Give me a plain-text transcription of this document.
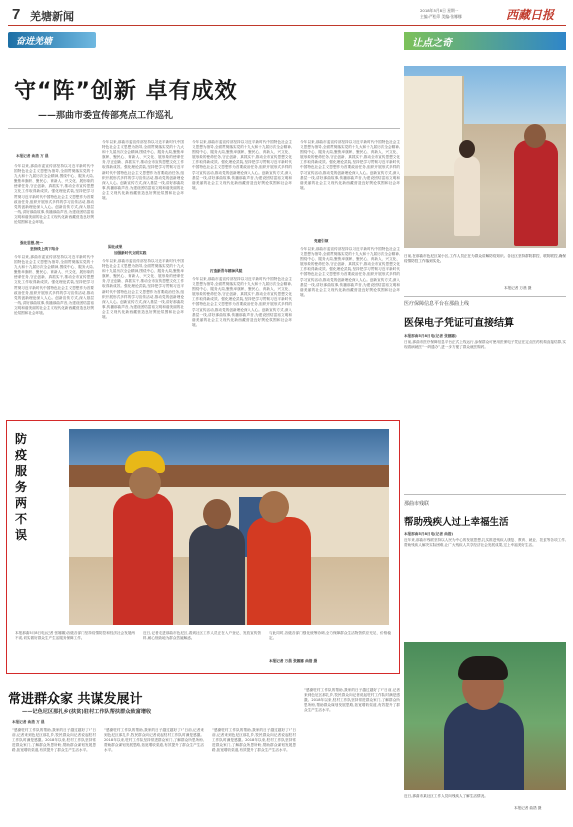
7 羌塘新闻
2018年5月8日 星期一
主编:严松印 美编:张娜娜	西藏日报
奋进羌塘
守“阵”创新 卓有成效
——那曲市委宣传部亮点工作巡礼
本报记者 曲措 万 晨
今年以来,那曲市委宣传部坚持以习近平新时代中国特色社会主义思想为指导,全面贯彻落实党的十九大和十九届历次全会精神,围绕中心、服务大局,聚焦举旗帜、聚民心、育新人、兴文化、展形象的使命任务,守正创新、真抓实干,推动全市宣传思想文化工作取得新成效。强化理论武装,坚持把学习贯彻习近平新时代中国特色社会主义思想作为首要政治任务,组织开展形式多样的学习宣传活动,推动党的创新理论深入人心。创新宣传方式,深入基层一线,讲好那曲故事,传播那曲声音,为建设团结富裕文明和谐美丽的社会主义现代化新西藏营造良好舆论氛围和社会环境。
强化思想,统一
坚持线上线下结合
今年以来,那曲市委宣传部坚持以习近平新时代中国特色社会主义思想为指导,全面贯彻落实党的十九大和十九届历次全会精神,围绕中心、服务大局,聚焦举旗帜、聚民心、育新人、兴文化、展形象的使命任务,守正创新、真抓实干,推动全市宣传思想文化工作取得新成效。强化理论武装,坚持把学习贯彻习近平新时代中国特色社会主义思想作为首要政治任务,组织开展形式多样的学习宣传活动,推动党的创新理论深入人心。创新宣传方式,深入基层一线,讲好那曲故事,传播那曲声音,为建设团结富裕文明和谐美丽的社会主义现代化新西藏营造良好舆论氛围和社会环境。
今年以来,那曲市委宣传部坚持以习近平新时代中国特色社会主义思想为指导,全面贯彻落实党的十九大和十九届历次全会精神,围绕中心、服务大局,聚焦举旗帜、聚民心、育新人、兴文化、展形象的使命任务,守正创新、真抓实干,推动全市宣传思想文化工作取得新成效。强化理论武装,坚持把学习贯彻习近平新时代中国特色社会主义思想作为首要政治任务,组织开展形式多样的学习宣传活动,推动党的创新理论深入人心。创新宣传方式,深入基层一线,讲好那曲故事,传播那曲声音,为建设团结富裕文明和谐美丽的社会主义现代化新西藏营造良好舆论氛围和社会环境。
固化成果
加强新时代文明实践
今年以来,那曲市委宣传部坚持以习近平新时代中国特色社会主义思想为指导,全面贯彻落实党的十九大和十九届历次全会精神,围绕中心、服务大局,聚焦举旗帜、聚民心、育新人、兴文化、展形象的使命任务,守正创新、真抓实干,推动全市宣传思想文化工作取得新成效。强化理论武装,坚持把学习贯彻习近平新时代中国特色社会主义思想作为首要政治任务,组织开展形式多样的学习宣传活动,推动党的创新理论深入人心。创新宣传方式,深入基层一线,讲好那曲故事,传播那曲声音,为建设团结富裕文明和谐美丽的社会主义现代化新西藏营造良好舆论氛围和社会环境。
今年以来,那曲市委宣传部坚持以习近平新时代中国特色社会主义思想为指导,全面贯彻落实党的十九大和十九届历次全会精神,围绕中心、服务大局,聚焦举旗帜、聚民心、育新人、兴文化、展形象的使命任务,守正创新、真抓实干,推动全市宣传思想文化工作取得新成效。强化理论武装,坚持把学习贯彻习近平新时代中国特色社会主义思想作为首要政治任务,组织开展形式多样的学习宣传活动,推动党的创新理论深入人心。创新宣传方式,深入基层一线,讲好那曲故事,传播那曲声音,为建设团结富裕文明和谐美丽的社会主义现代化新西藏营造良好舆论氛围和社会环境。
打造新青年精神风貌
今年以来,那曲市委宣传部坚持以习近平新时代中国特色社会主义思想为指导,全面贯彻落实党的十九大和十九届历次全会精神,围绕中心、服务大局,聚焦举旗帜、聚民心、育新人、兴文化、展形象的使命任务,守正创新、真抓实干,推动全市宣传思想文化工作取得新成效。强化理论武装,坚持把学习贯彻习近平新时代中国特色社会主义思想作为首要政治任务,组织开展形式多样的学习宣传活动,推动党的创新理论深入人心。创新宣传方式,深入基层一线,讲好那曲故事,传播那曲声音,为建设团结富裕文明和谐美丽的社会主义现代化新西藏营造良好舆论氛围和社会环境。
今年以来,那曲市委宣传部坚持以习近平新时代中国特色社会主义思想为指导,全面贯彻落实党的十九大和十九届历次全会精神,围绕中心、服务大局,聚焦举旗帜、聚民心、育新人、兴文化、展形象的使命任务,守正创新、真抓实干,推动全市宣传思想文化工作取得新成效。强化理论武装,坚持把学习贯彻习近平新时代中国特色社会主义思想作为首要政治任务,组织开展形式多样的学习宣传活动,推动党的创新理论深入人心。创新宣传方式,深入基层一线,讲好那曲故事,传播那曲声音,为建设团结富裕文明和谐美丽的社会主义现代化新西藏营造良好舆论氛围和社会环境。
党建引领
今年以来,那曲市委宣传部坚持以习近平新时代中国特色社会主义思想为指导,全面贯彻落实党的十九大和十九届历次全会精神,围绕中心、服务大局,聚焦举旗帜、聚民心、育新人、兴文化、展形象的使命任务,守正创新、真抓实干,推动全市宣传思想文化工作取得新成效。强化理论武装,坚持把学习贯彻习近平新时代中国特色社会主义思想作为首要政治任务,组织开展形式多样的学习宣传活动,推动党的创新理论深入人心。创新宣传方式,深入基层一线,讲好那曲故事,传播那曲声音,为建设团结富裕文明和谐美丽的社会主义现代化新西藏营造良好舆论氛围和社会环境。
让点之奇
日前,在那曲市色尼区某小区,工作人员正在为群众讲解防疫知识。各社区坚持群防群控、联防联控,确保疫情防控工作落到实处。
本报记者 万晨 摄
医疗保障信息平台在那曲上线
医保电子凭证可直接结算
本报那曲5月8日电(记者 张娜娜)
日前,那曲市医疗保障信息平台正式上线运行,参保群众可使用医保电子凭证在定点医药机构直接结算,实现看病就医“一码通办”,进一步方便了群众就医购药。
那曲市残联
帮助残疾人过上幸福生活
本报那曲5月8日电(记者 曲措)
近年来,那曲市残联坚持以人民为中心的发展思想,扎实推进残疾人康复、教育、就业、扶贫等各项工作,帮助残疾人解决实际困难,让广大残疾人共享经济社会发展成果,过上幸福美好生活。
近日,那曲市某社区工作人员向残疾人了解生活情况。
本报记者 曲措 摄
防疫服务两不误
本报那曲5月8日电(记者 张娜娜)各级各部门坚持疫情防控和经济社会发展两不误,切实做好群众生产生活服务保障工作。
近日,记者走进那曲市色尼区,看到社区工作人员正在入户登记、发放宣传资料,耐心细致地为群众答疑解惑。
与此同时,各级各部门强化统筹协调,全力保障群众生活物资供应充足、价格稳定。
本报记者 万晨 张娜娜 曲措 摄
常进群众家 共谋发展计
——记色尼区那扎乡(扶贫)驻村工作队帮扶群众致富增收
本报记者 曲措 万 晨
“感谢驻村工作队的帮助,我家的日子越过越好了!”日前,记者来到色尼区那扎乡,牧民群众向记者说起驻村工作队时满是感激。2018年以来,驻村工作队坚持常进群众家门,了解群众所思所盼,帮助群众谋划发展思路,拓宽增收渠道,有效提升了群众生产生活水平。
“感谢驻村工作队的帮助,我家的日子越过越好了!”日前,记者来到色尼区那扎乡,牧民群众向记者说起驻村工作队时满是感激。2018年以来,驻村工作队坚持常进群众家门,了解群众所思所盼,帮助群众谋划发展思路,拓宽增收渠道,有效提升了群众生产生活水平。
“感谢驻村工作队的帮助,我家的日子越过越好了!”日前,记者来到色尼区那扎乡,牧民群众向记者说起驻村工作队时满是感激。2018年以来,驻村工作队坚持常进群众家门,了解群众所思所盼,帮助群众谋划发展思路,拓宽增收渠道,有效提升了群众生产生活水平。
“感谢驻村工作队的帮助,我家的日子越过越好了!”日前,记者来到色尼区那扎乡,牧民群众向记者说起驻村工作队时满是感激。2018年以来,驻村工作队坚持常进群众家门,了解群众所思所盼,帮助群众谋划发展思路,拓宽增收渠道,有效提升了群众生产生活水平。
